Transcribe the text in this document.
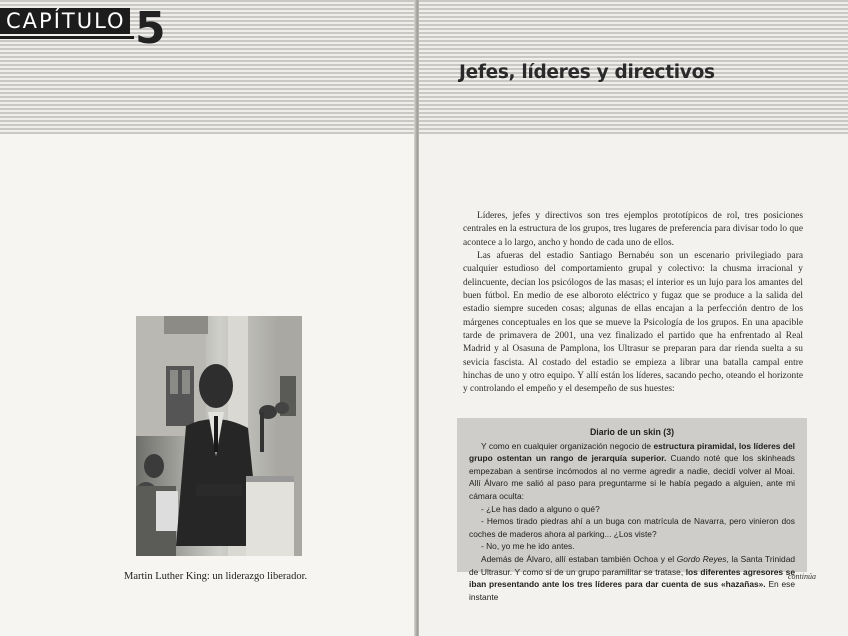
CAPÍTULO 5
Martin Luther King: un liderazgo liberador.
Jefes, líderes y directivos

Líderes, jefes y directivos son tres ejemplos prototípicos de rol, tres posiciones centrales en la estructura de los grupos, tres lugares de preferencia para divisar todo lo que acontece a lo largo, ancho y hondo de cada uno de ellos.

Las afueras del estadio Santiago Bernabéu son un escenario privilegiado para cualquier estudioso del comportamiento grupal y colectivo: la chusma irracional y delincuente, decían los psicólogos de las masas; el interior es un lujo para los amantes del buen fútbol. En medio de ese alboroto eléctrico y fugaz que se produce a la salida del estadio siempre suceden cosas; algunas de ellas encajan a la perfección dentro de los márgenes conceptuales en los que se mueve la Psicología de los grupos. En una apacible tarde de primavera de 2001, una vez finalizado el partido que ha enfrentado al Real Madrid y al Osasuna de Pamplona, los Ultrasur se preparan para dar rienda suelta a su sevicia fascista. Al costado del estadio se empieza a librar una batalla campal entre hinchas de uno y otro equipo. Y allí están los líderes, sacando pecho, oteando el horizonte y controlando el empeño y el desempeño de sus huestes:

Diario de un skin (3)

Y como en cualquier organización negocio de estructura piramidal, los líderes del grupo ostentan un rango de jerarquía superior. Cuando noté que los skinheads empezaban a sentirse incómodos al no verme agredir a nadie, decidí volver al Moai. Allí Álvaro me salió al paso para preguntarme si le había pegado a alguien, ante mi cámara oculta:

- ¿Le has dado a alguno o qué?

- Hemos tirado piedras ahí a un buga con matrícula de Navarra, pero vinieron dos coches de maderos ahora al parking... ¿Los viste?

- No, yo me he ido antes.

Además de Álvaro, allí estaban también Ochoa y el Gordo Reyes, la Santa Trinidad de Ultrasur. Y como si de un grupo paramilitar se tratase, los diferentes agresores se iban presentando ante los tres líderes para dar cuenta de sus «hazañas». En ese instante

continúa
